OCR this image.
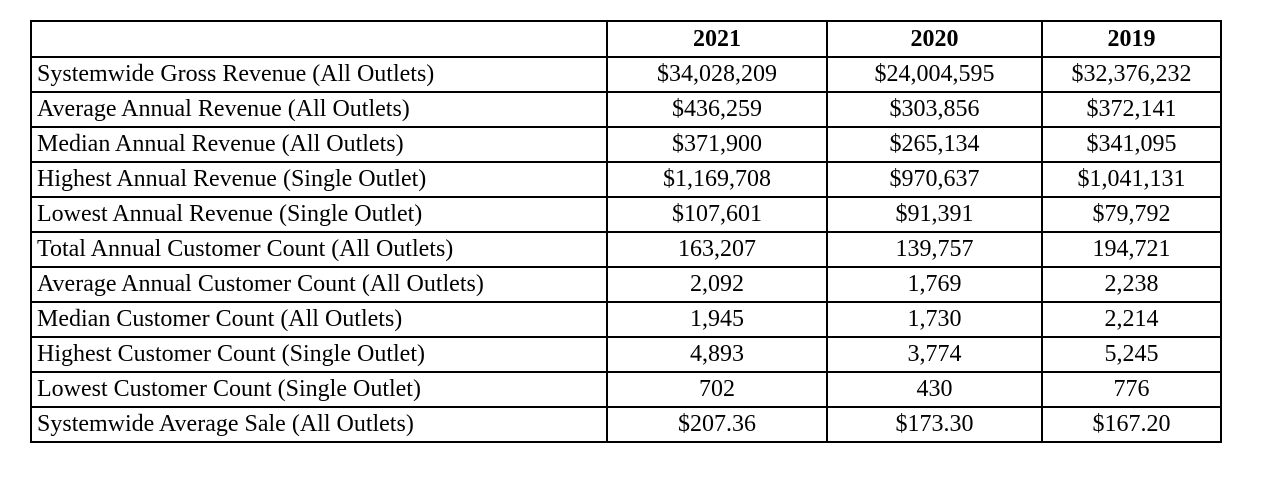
	2021	2020	2019
Systemwide Gross Revenue (All Outlets)	$34,028,209	$24,004,595	$32,376,232
Average Annual Revenue (All Outlets)	$436,259	$303,856	$372,141
Median Annual Revenue (All Outlets)	$371,900	$265,134	$341,095
Highest Annual Revenue (Single Outlet)	$1,169,708	$970,637	$1,041,131
Lowest Annual Revenue (Single Outlet)	$107,601	$91,391	$79,792
Total Annual Customer Count (All Outlets)	163,207	139,757	194,721
Average Annual Customer Count (All Outlets)	2,092	1,769	2,238
Median Customer Count (All Outlets)	1,945	1,730	2,214
Highest Customer Count (Single Outlet)	4,893	3,774	5,245
Lowest Customer Count (Single Outlet)	702	430	776
Systemwide Average Sale (All Outlets)	$207.36	$173.30	$167.20
